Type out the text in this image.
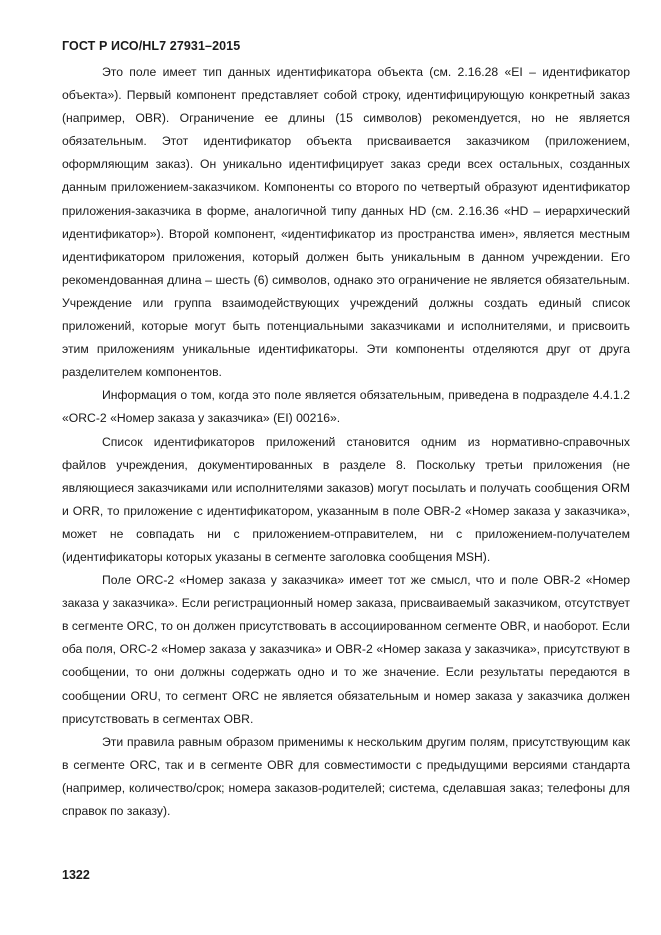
ГОСТ Р ИСО/HL7 27931–2015

Это поле имеет тип данных идентификатора объекта (см. 2.16.28 «EI – идентификатор объекта»). Первый компонент представляет собой строку, идентифицирующую конкретный заказ (например, OBR). Ограничение ее длины (15 символов) рекомендуется, но не является обязательным. Этот идентификатор объекта присваивается заказчиком (приложением, оформляющим заказ). Он уникально идентифицирует заказ среди всех остальных, созданных данным приложением-заказчиком. Компоненты со второго по четвертый образуют идентификатор приложения-заказчика в форме, аналогичной типу данных HD (см. 2.16.36 «HD – иерархический идентификатор»). Второй компонент, «идентификатор из пространства имен», является местным идентификатором приложения, который должен быть уникальным в данном учреждении. Его рекомендованная длина – шесть (6) символов, однако это ограничение не является обязательным. Учреждение или группа взаимодействующих учреждений должны создать единый список приложений, которые могут быть потенциальными заказчиками и исполнителями, и присвоить этим приложениям уникальные идентификаторы. Эти компоненты отделяются друг от друга разделителем компонентов.

Информация о том, когда это поле является обязательным, приведена в подразделе 4.4.1.2 «ORC-2 «Номер заказа у заказчика» (EI) 00216».

Список идентификаторов приложений становится одним из нормативно-справочных файлов учреждения, документированных в разделе 8. Поскольку третьи приложения (не являющиеся заказчиками или исполнителями заказов) могут посылать и получать сообщения ORM и ORR, то приложение с идентификатором, указанным в поле OBR-2 «Номер заказа у заказчика», может не совпадать ни с приложением-отправителем, ни с приложением-получателем (идентификаторы которых указаны в сегменте заголовка сообщения MSH).

Поле ORC-2 «Номер заказа у заказчика» имеет тот же смысл, что и поле OBR-2 «Номер заказа у заказчика». Если регистрационный номер заказа, присваиваемый заказчиком, отсутствует в сегменте ORC, то он должен присутствовать в ассоциированном сегменте OBR, и наоборот. Если оба поля, ORC-2 «Номер заказа у заказчика» и OBR-2 «Номер заказа у заказчика», присутствуют в сообщении, то они должны содержать одно и то же значение. Если результаты передаются в сообщении ORU, то сегмент ORC не является обязательным и номер заказа у заказчика должен присутствовать в сегментах OBR.

Эти правила равным образом применимы к нескольким другим полям, присутствующим как в сегменте ORC, так и в сегменте OBR для совместимости с предыдущими версиями стандарта (например, количество/срок; номера заказов-родителей; система, сделавшая заказ; телефоны для справок по заказу).

1322
